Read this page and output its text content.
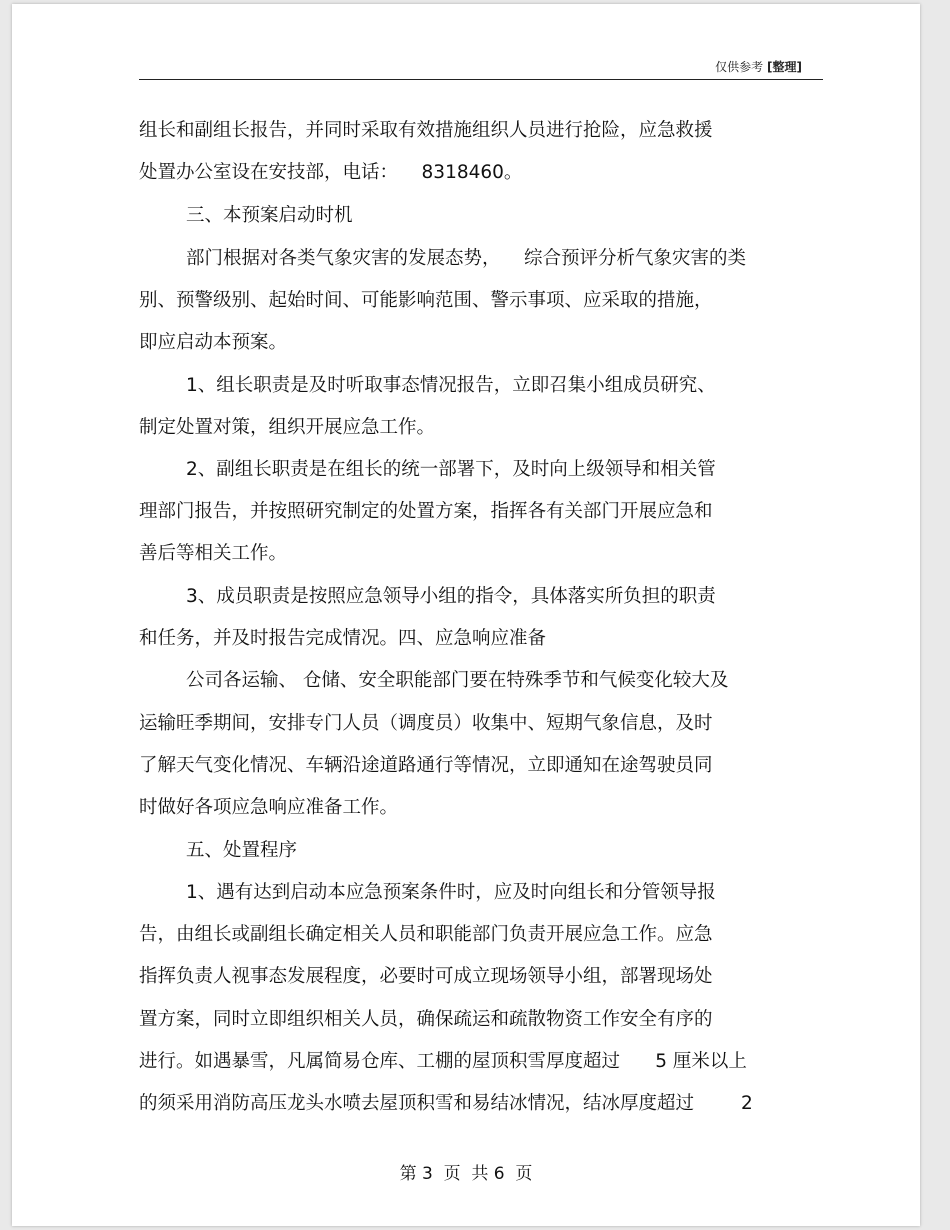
仅供参考 [整理]
组长和副组长报告，并同时采取有效措施组织人员进行抢险，应急救援
处置办公室设在安技部，电话：    8318460。
三、本预案启动时机
部门根据对各类气象灾害的发展态势，    综合预评分析气象灾害的类
别、预警级别、起始时间、可能影响范围、警示事项、应采取的措施，
即应启动本预案。
1、组长职责是及时听取事态情况报告，立即召集小组成员研究、
制定处置对策，组织开展应急工作。
2、副组长职责是在组长的统一部署下，及时向上级领导和相关管
理部门报告，并按照研究制定的处置方案，指挥各有关部门开展应急和
善后等相关工作。
3、成员职责是按照应急领导小组的指令，具体落实所负担的职责
和任务，并及时报告完成情况。四、应急响应准备
公司各运输、 仓储、安全职能部门要在特殊季节和气候变化较大及
运输旺季期间，安排专门人员（调度员）收集中、短期气象信息，及时
了解天气变化情况、车辆沿途道路通行等情况，立即通知在途驾驶员同
时做好各项应急响应准备工作。
五、处置程序
1、遇有达到启动本应急预案条件时，应及时向组长和分管领导报
告，由组长或副组长确定相关人员和职能部门负责开展应急工作。应急
指挥负责人视事态发展程度，必要时可成立现场领导小组，部署现场处
置方案，同时立即组织相关人员，确保疏运和疏散物资工作安全有序的
进行。如遇暴雪，凡属简易仓库、工棚的屋顶积雪厚度超过      5 厘米以上
的须采用消防高压龙头水喷去屋顶积雪和易结冰情况，结冰厚度超过        2
第 3  页  共 6  页
